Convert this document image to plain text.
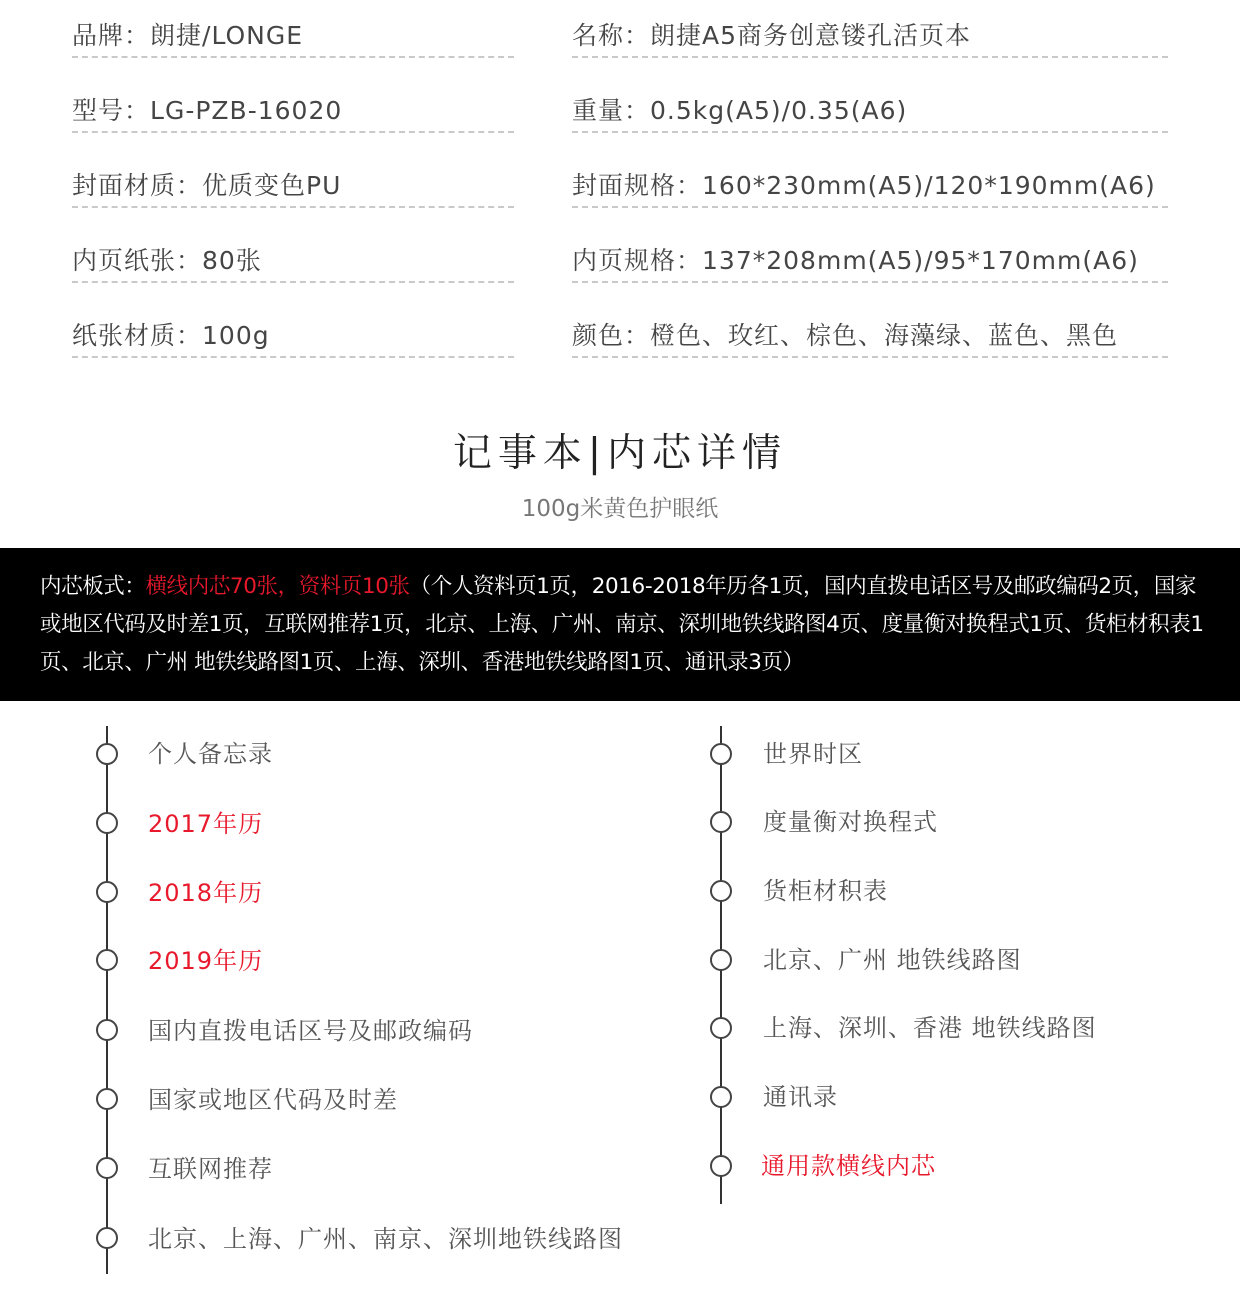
品牌：朗捷/LONGE
型号：LG-PZB-16020
封面材质：优质变色PU
内页纸张：80张
纸张材质：100g
名称：朗捷A5商务创意镂孔活页本
重量：0.5kg(A5)/0.35(A6)
封面规格：160*230mm(A5)/120*190mm(A6)
内页规格：137*208mm(A5)/95*170mm(A6)
颜色：橙色、玫红、棕色、海藻绿、蓝色、黑色
记事本|内芯详情
100g米黄色护眼纸
内芯板式：横线内芯70张，资料页10张（个人资料页1页，2016-2018年历各1页，国内直拨电话区号及邮政编码2页，国家或地区代码及时差1页，互联网推荐1页，北京、上海、广州、南京、深圳地铁线路图4页、度量衡对换程式1页、货柜材积表1页、北京、广州 地铁线路图1页、上海、深圳、香港地铁线路图1页、通讯录3页）
个人备忘录
2017年历
2018年历
2019年历
国内直拨电话区号及邮政编码
国家或地区代码及时差
互联网推荐
北京、上海、广州、南京、深圳地铁线路图
世界时区
度量衡对换程式
货柜材积表
北京、广州 地铁线路图
上海、深圳、香港 地铁线路图
通讯录
通用款横线内芯
